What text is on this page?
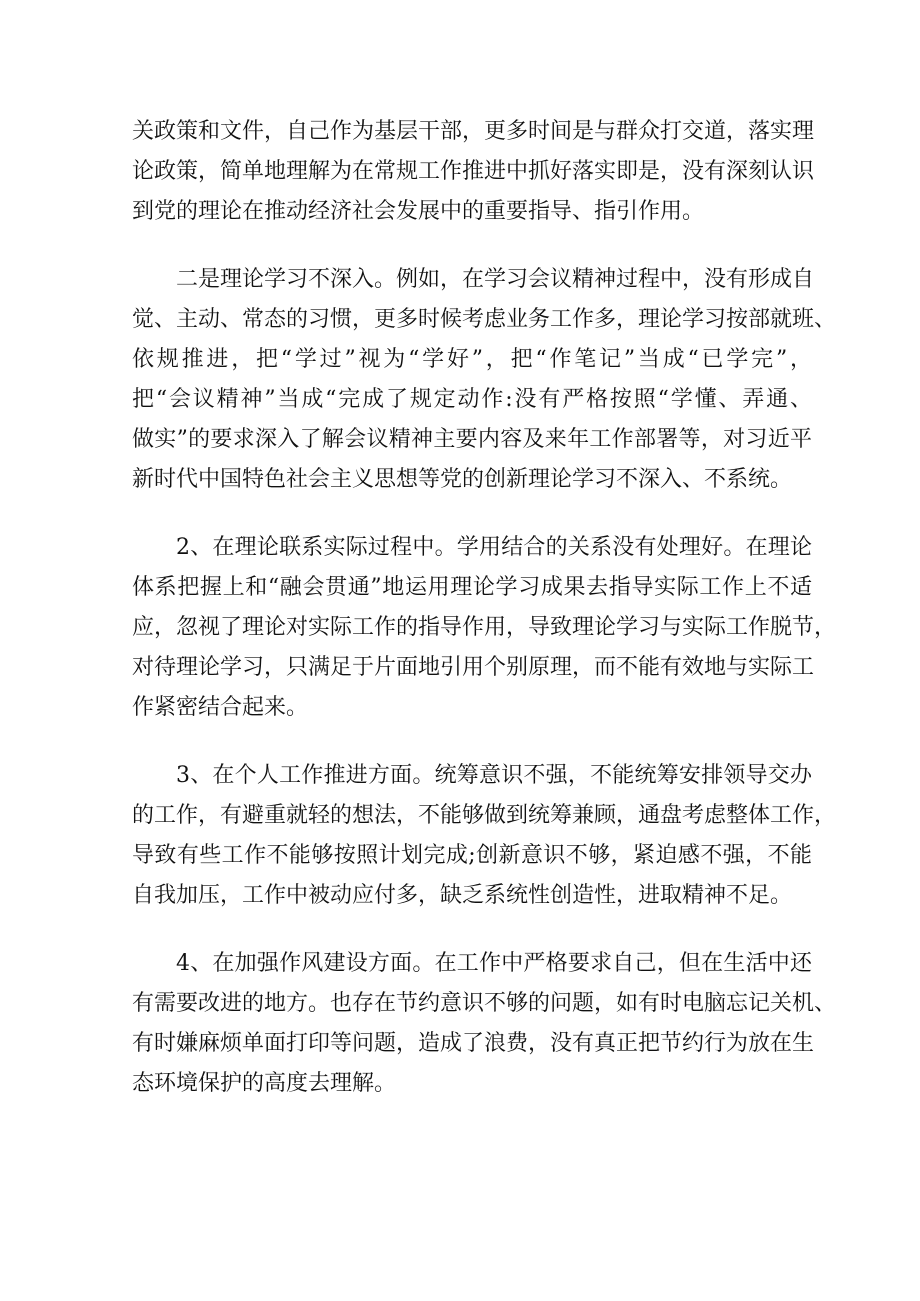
关政策和文件，自己作为基层干部，更多时间是与群众打交道，落实理
论政策，简单地理解为在常规工作推进中抓好落实即是，没有深刻认识
到党的理论在推动经济社会发展中的重要指导、指引作用。
二是理论学习不深入。例如，在学习会议精神过程中，没有形成自
觉、主动、常态的习惯，更多时候考虑业务工作多，理论学习按部就班、
依规推进，把“学过”视为“学好”，把“作笔记”当成“已学完”，
把“会议精神”当成“完成了规定动作:没有严格按照“学懂、弄通、
做实”的要求深入了解会议精神主要内容及来年工作部署等，对习近平
新时代中国特色社会主义思想等党的创新理论学习不深入、不系统。
2、在理论联系实际过程中。学用结合的关系没有处理好。在理论
体系把握上和“融会贯通”地运用理论学习成果去指导实际工作上不适
应，忽视了理论对实际工作的指导作用，导致理论学习与实际工作脱节，
对待理论学习，只满足于片面地引用个别原理，而不能有效地与实际工
作紧密结合起来。
3、在个人工作推进方面。统筹意识不强，不能统筹安排领导交办
的工作，有避重就轻的想法，不能够做到统筹兼顾，通盘考虑整体工作，
导致有些工作不能够按照计划完成;创新意识不够，紧迫感不强，不能
自我加压，工作中被动应付多，缺乏系统性创造性，进取精神不足。
4、在加强作风建设方面。在工作中严格要求自己，但在生活中还
有需要改进的地方。也存在节约意识不够的问题，如有时电脑忘记关机、
有时嫌麻烦单面打印等问题，造成了浪费，没有真正把节约行为放在生
态环境保护的高度去理解。
